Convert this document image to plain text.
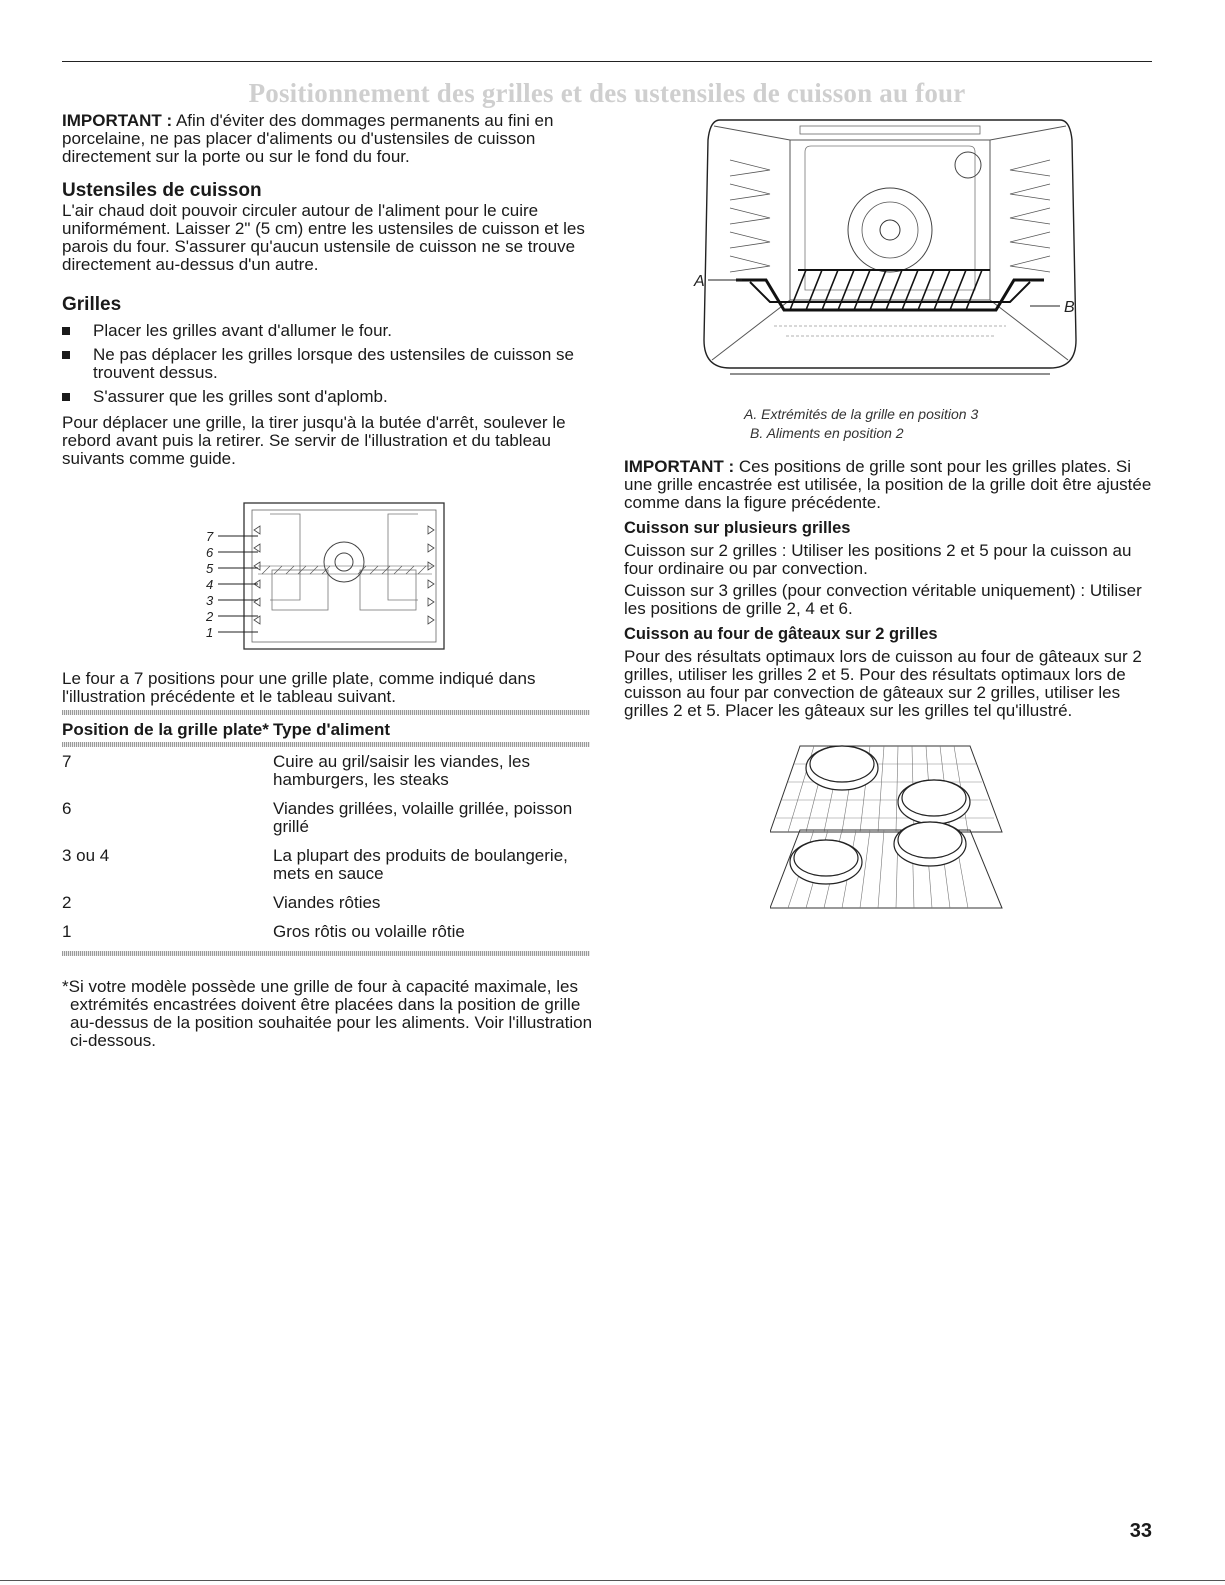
Positionnement des grilles et des ustensiles de cuisson au four

IMPORTANT : Afin d'éviter des dommages permanents au fini en porcelaine, ne pas placer d'aliments ou d'ustensiles de cuisson directement sur la porte ou sur le fond du four.

Ustensiles de cuisson

L'air chaud doit pouvoir circuler autour de l'aliment pour le cuire uniformément. Laisser 2" (5 cm) entre les ustensiles de cuisson et les parois du four. S'assurer qu'aucun ustensile de cuisson ne se trouve directement au-dessus d'un autre.

Grilles
Placer les grilles avant d'allumer le four.
Ne pas déplacer les grilles lorsque des ustensiles de cuisson se trouvent dessus.
S'assurer que les grilles sont d'aplomb.

Pour déplacer une grille, la tirer jusqu'à la butée d'arrêt, soulever le rebord avant puis la retirer. Se servir de l'illustration et du tableau suivants comme guide.

7
6
5
4
3
2
1

Le four a 7 positions pour une grille plate, comme indiqué dans l'illustration précédente et le tableau suivant.

Position de la grille plate* Type d'aliment
7	Cuire au gril/saisir les viandes, les hamburgers, les steaks
6	Viandes grillées, volaille grillée, poisson grillé
3 ou 4	La plupart des produits de boulangerie, mets en sauce
2	Viandes rôties
1	Gros rôtis ou volaille rôtie

*Si votre modèle possède une grille de four à capacité maximale, les extrémités encastrées doivent être placées dans la position de grille au-dessus de la position souhaitée pour les aliments. Voir l'illustration ci-dessous.

A
B
A. Extrémités de la grille en position 3
B. Aliments en position 2

IMPORTANT : Ces positions de grille sont pour les grilles plates. Si une grille encastrée est utilisée, la position de la grille doit être ajustée comme dans la figure précédente.

Cuisson sur plusieurs grilles

Cuisson sur 2 grilles : Utiliser les positions 2 et 5 pour la cuisson au four ordinaire ou par convection.

Cuisson sur 3 grilles (pour convection véritable uniquement) : Utiliser les positions de grille 2, 4 et 6.

Cuisson au four de gâteaux sur 2 grilles

Pour des résultats optimaux lors de cuisson au four de gâteaux sur 2 grilles, utiliser les grilles 2 et 5. Pour des résultats optimaux lors de cuisson au four par convection de gâteaux sur 2 grilles, utiliser les grilles 2 et 5. Placer les gâteaux sur les grilles tel qu'illustré.

33
